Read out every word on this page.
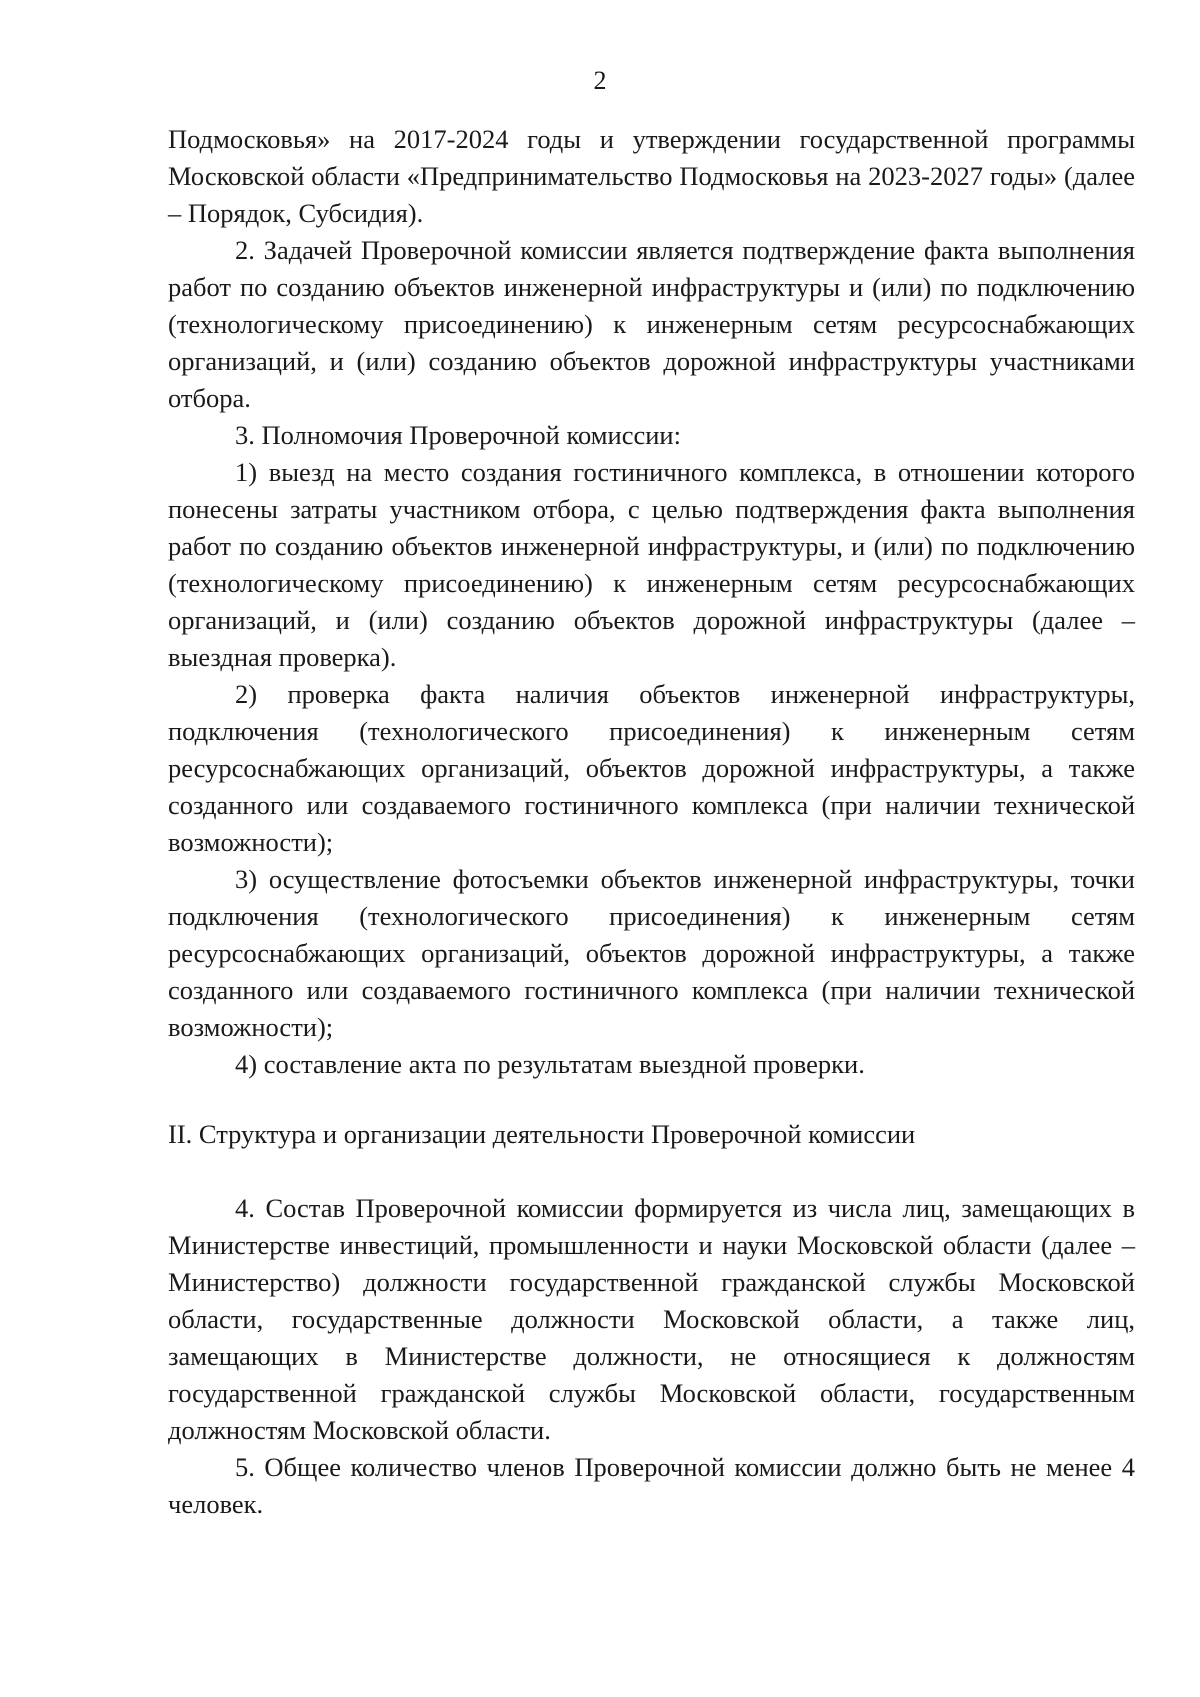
2

Подмосковья» на 2017-2024 годы и утверждении государственной программы Московской области «Предпринимательство Подмосковья на 2023-2027 годы» (далее – Порядок, Субсидия).

2. Задачей Проверочной комиссии является подтверждение факта выполнения работ по созданию объектов инженерной инфраструктуры и (или) по подключению (технологическому присоединению) к инженерным сетям ресурсоснабжающих организаций, и (или) созданию объектов дорожной инфраструктуры участниками отбора.

3. Полномочия Проверочной комиссии:

1) выезд на место создания гостиничного комплекса, в отношении которого понесены затраты участником отбора, с целью подтверждения факта выполнения работ по созданию объектов инженерной инфраструктуры, и (или) по подключению (технологическому присоединению) к инженерным сетям ресурсоснабжающих организаций, и (или) созданию объектов дорожной инфраструктуры (далее – выездная проверка).

2) проверка факта наличия объектов инженерной инфраструктуры, подключения (технологического присоединения) к инженерным сетям ресурсоснабжающих организаций, объектов дорожной инфраструктуры, а также созданного или создаваемого гостиничного комплекса (при наличии технической возможности);

3) осуществление фотосъемки объектов инженерной инфраструктуры, точки подключения (технологического присоединения) к инженерным сетям ресурсоснабжающих организаций, объектов дорожной инфраструктуры, а также созданного или создаваемого гостиничного комплекса (при наличии технической возможности);

4) составление акта по результатам выездной проверки.

II. Структура и организации деятельности Проверочной комиссии

4. Состав Проверочной комиссии формируется из числа лиц, замещающих в Министерстве инвестиций, промышленности и науки Московской области (далее – Министерство) должности государственной гражданской службы Московской области, государственные должности Московской области, а также лиц, замещающих в Министерстве должности, не относящиеся к должностям государственной гражданской службы Московской области, государственным должностям Московской области.

5. Общее количество членов Проверочной комиссии должно быть не менее 4 человек.
